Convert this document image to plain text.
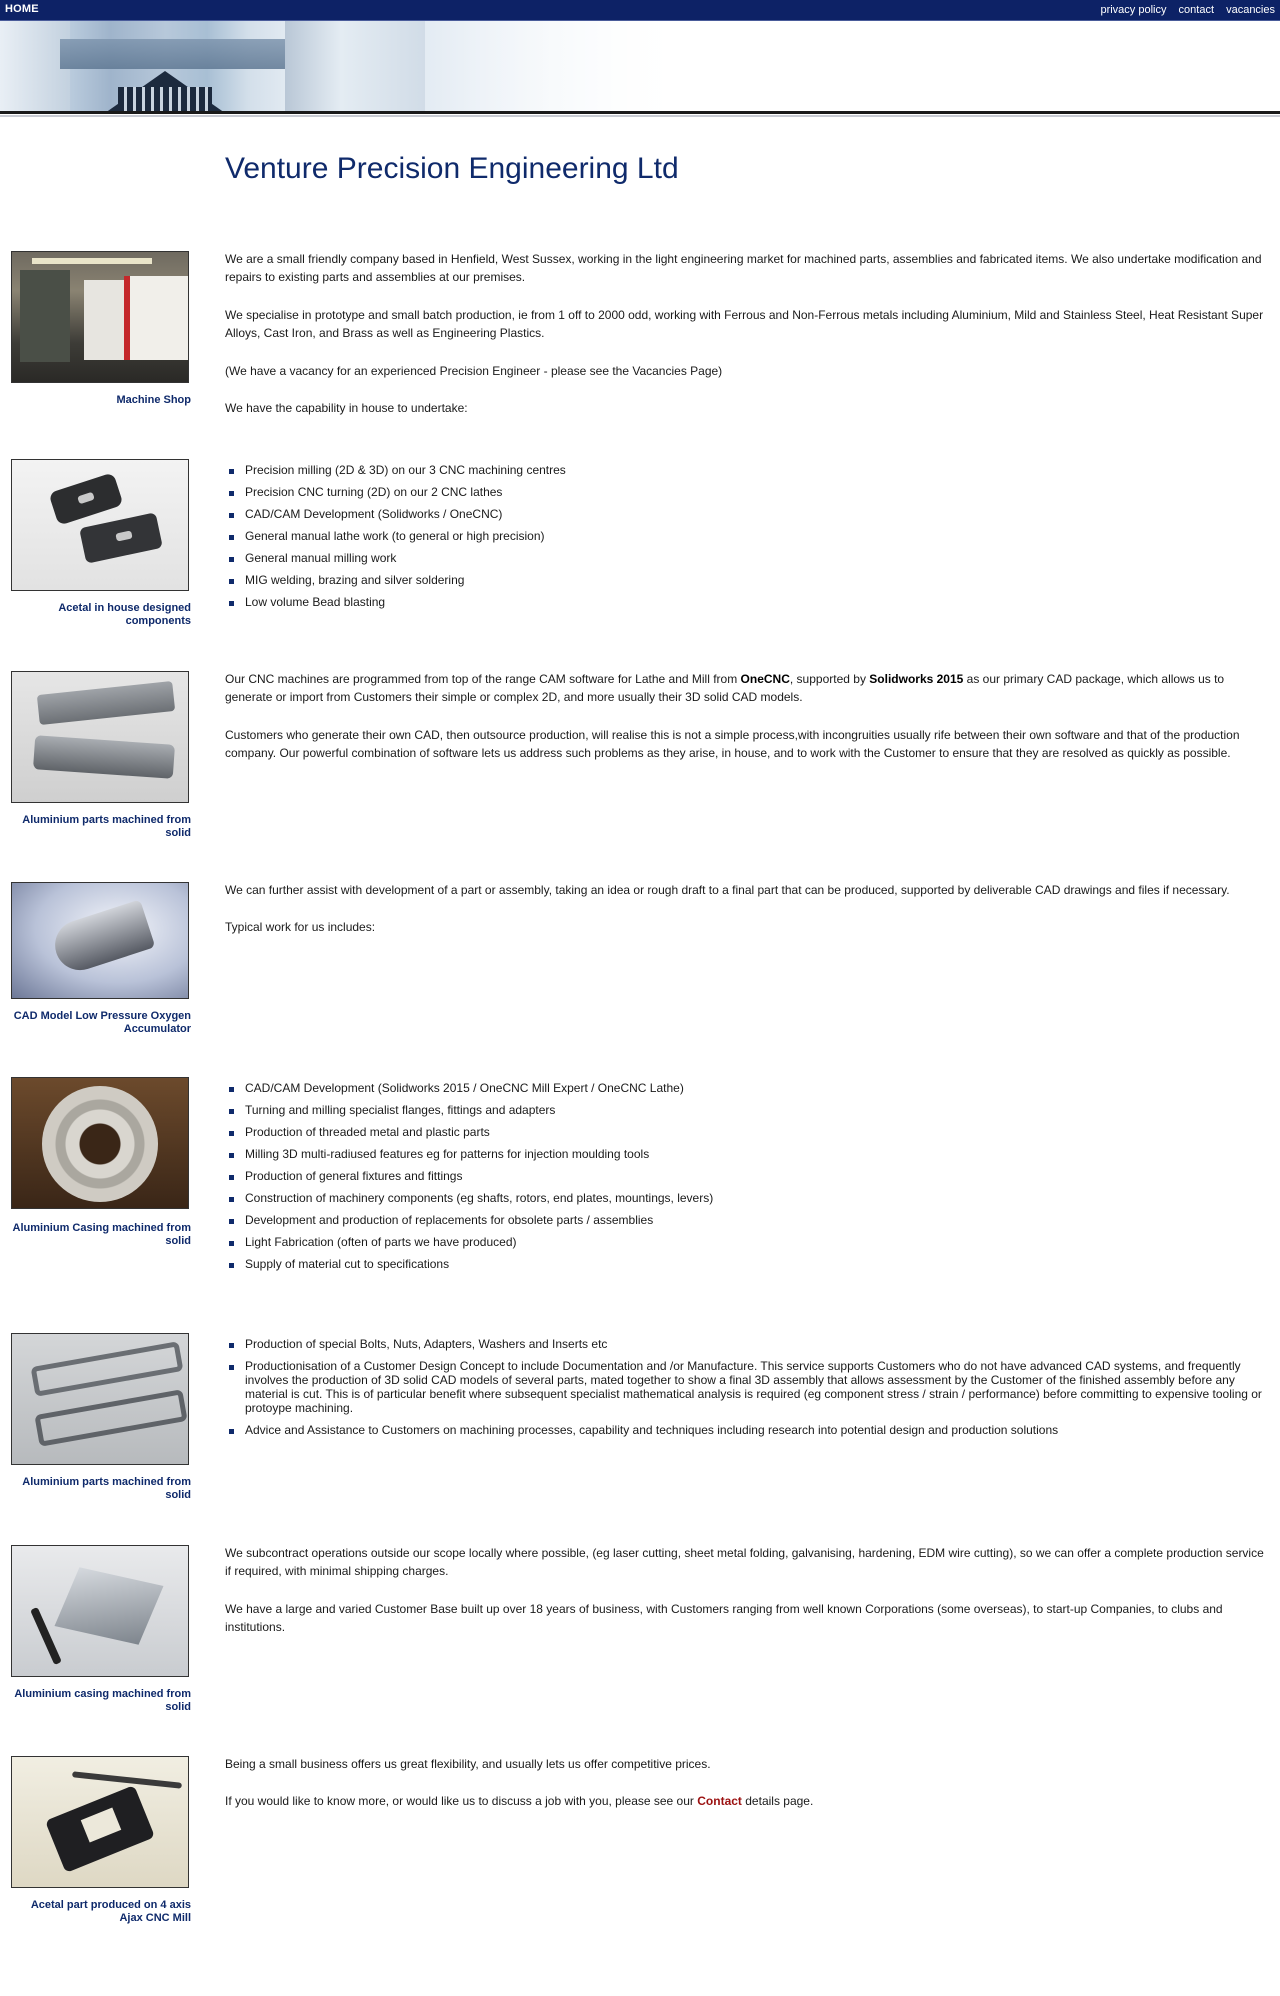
HOME	privacy policy contact vacancies
Venture Precision Engineering Ltd
Machine Shop

We are a small friendly company based in Henfield, West Sussex, working in the light engineering market for machined parts, assemblies and fabricated items. We also undertake modification and repairs to existing parts and assemblies at our premises.

We specialise in prototype and small batch production, ie from 1 off to 2000 odd, working with Ferrous and Non-Ferrous metals including Aluminium, Mild and Stainless Steel, Heat Resistant Super Alloys, Cast Iron, and Brass as well as Engineering Plastics.

(We have a vacancy for an experienced Precision Engineer - please see the Vacancies Page)

We have the capability in house to undertake:

Acetal in house designed components
Precision milling (2D & 3D) on our 3 CNC machining centres
Precision CNC turning (2D) on our 2 CNC lathes
CAD/CAM Development (Solidworks / OneCNC)
General manual lathe work (to general or high precision)
General manual milling work
MIG welding, brazing and silver soldering
Low volume Bead blasting
Aluminium parts machined from solid

Our CNC machines are programmed from top of the range CAM software for Lathe and Mill from OneCNC, supported by Solidworks 2015 as our primary CAD package, which allows us to generate or import from Customers their simple or complex 2D, and more usually their 3D solid CAD models.

Customers who generate their own CAD, then outsource production, will realise this is not a simple process,with incongruities usually rife between their own software and that of the production company. Our powerful combination of software lets us address such problems as they arise, in house, and to work with the Customer to ensure that they are resolved as quickly as possible.

CAD Model Low Pressure Oxygen Accumulator

We can further assist with development of a part or assembly, taking an idea or rough draft to a final part that can be produced, supported by deliverable CAD drawings and files if necessary.

Typical work for us includes:

Aluminium Casing machined from solid
CAD/CAM Development (Solidworks 2015 / OneCNC Mill Expert / OneCNC Lathe)
Turning and milling specialist flanges, fittings and adapters
Production of threaded metal and plastic parts
Milling 3D multi-radiused features eg for patterns for injection moulding tools
Production of general fixtures and fittings
Construction of machinery components (eg shafts, rotors, end plates, mountings, levers)
Development and production of replacements for obsolete parts / assemblies
Light Fabrication (often of parts we have produced)
Supply of material cut to specifications
Aluminium parts machined from solid
Production of special Bolts, Nuts, Adapters, Washers and Inserts etc
Productionisation of a Customer Design Concept to include Documentation and /or Manufacture. This service supports Customers who do not have advanced CAD systems, and frequently involves the production of 3D solid CAD models of several parts, mated together to show a final 3D assembly that allows assessment by the Customer of the finished assembly before any material is cut. This is of particular benefit where subsequent specialist mathematical analysis is required (eg component stress / strain / performance) before committing to expensive tooling or protoype machining.
Advice and Assistance to Customers on machining processes, capability and techniques including research into potential design and production solutions
Aluminium casing machined from solid

We subcontract operations outside our scope locally where possible, (eg laser cutting, sheet metal folding, galvanising, hardening, EDM wire cutting), so we can offer a complete production service if required, with minimal shipping charges.

We have a large and varied Customer Base built up over 18 years of business, with Customers ranging from well known Corporations (some overseas), to start-up Companies, to clubs and institutions.

Acetal part produced on 4 axis Ajax CNC Mill

Being a small business offers us great flexibility, and usually lets us offer competitive prices.

If you would like to know more, or would like us to discuss a job with you, please see our Contact details page.
